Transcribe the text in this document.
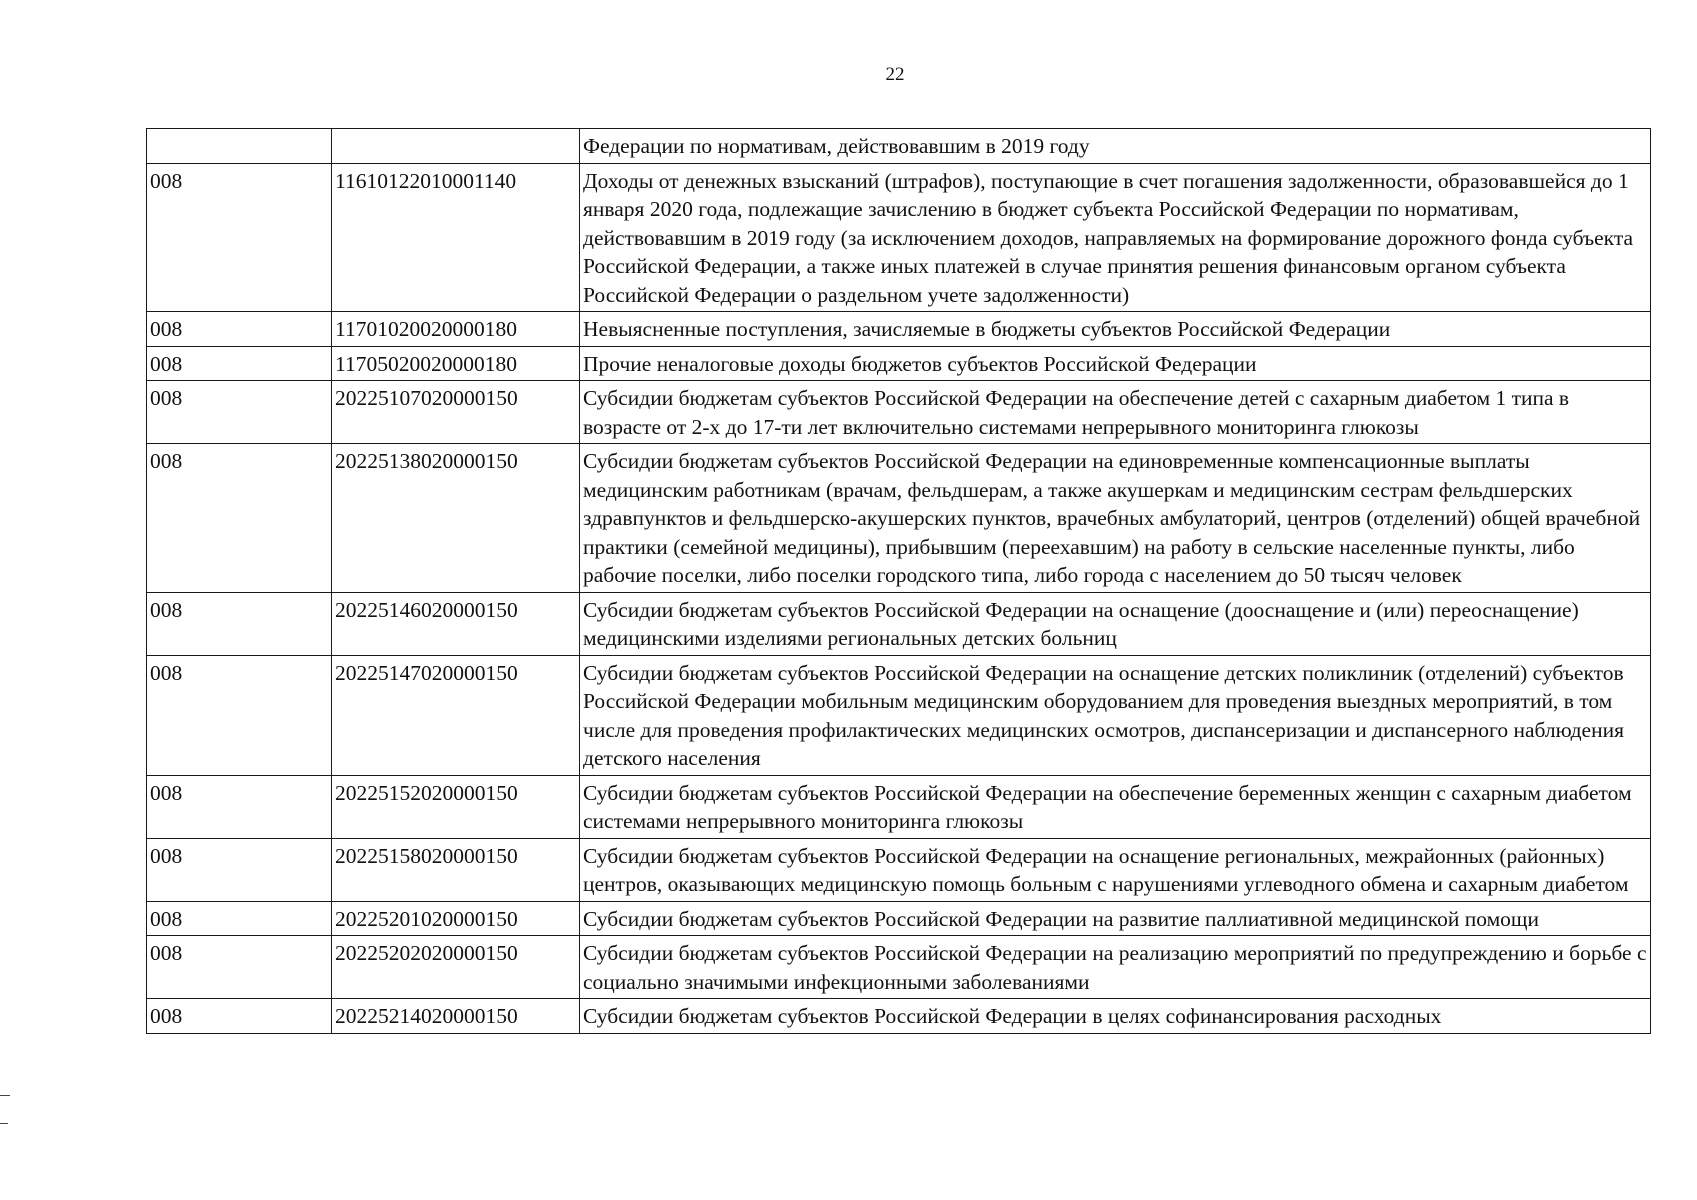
22
		Федерации по нормативам, действовавшим в 2019 году
008	11610122010001140	Доходы от денежных взысканий (штрафов), поступающие в счет погашения задолженности, образовавшейся до 1 января 2020 года, подлежащие зачислению в бюджет субъекта Российской Федерации по нормативам, действовавшим в 2019 году (за исключением доходов, направляемых на формирование дорожного фонда субъекта Российской Федерации, а также иных платежей в случае принятия решения финансовым органом субъекта Российской Федерации о раздельном учете задолженности)
008	11701020020000180	Невыясненные поступления, зачисляемые в бюджеты субъектов Российской Федерации
008	11705020020000180	Прочие неналоговые доходы бюджетов субъектов Российской Федерации
008	20225107020000150	Субсидии бюджетам субъектов Российской Федерации на обеспечение детей с сахарным диабетом 1 типа в возрасте от 2-х до 17-ти лет включительно системами непрерывного мониторинга глюкозы
008	20225138020000150	Субсидии бюджетам субъектов Российской Федерации на единовременные компенсационные выплаты медицинским работникам (врачам, фельдшерам, а также акушеркам и медицинским сестрам фельдшерских здравпунктов и фельдшерско-акушерских пунктов, врачебных амбулаторий, центров (отделений) общей врачебной практики (семейной медицины), прибывшим (переехавшим) на работу в сельские населенные пункты, либо рабочие поселки, либо поселки городского типа, либо города с населением до 50 тысяч человек
008	20225146020000150	Субсидии бюджетам субъектов Российской Федерации на оснащение (дооснащение и (или) переоснащение) медицинскими изделиями региональных детских больниц
008	20225147020000150	Субсидии бюджетам субъектов Российской Федерации на оснащение детских поликлиник (отделений) субъектов Российской Федерации мобильным медицинским оборудованием для проведения выездных мероприятий, в том числе для проведения профилактических медицинских осмотров, диспансеризации и диспансерного наблюдения детского населения
008	20225152020000150	Субсидии бюджетам субъектов Российской Федерации на обеспечение беременных женщин с сахарным диабетом системами непрерывного мониторинга глюкозы
008	20225158020000150	Субсидии бюджетам субъектов Российской Федерации на оснащение региональных, межрайонных (районных) центров, оказывающих медицинскую помощь больным с нарушениями углеводного обмена и сахарным диабетом
008	20225201020000150	Субсидии бюджетам субъектов Российской Федерации на развитие паллиативной медицинской помощи
008	20225202020000150	Субсидии бюджетам субъектов Российской Федерации на реализацию мероприятий по предупреждению и борьбе с социально значимыми инфекционными заболеваниями
008	20225214020000150	Субсидии бюджетам субъектов Российской Федерации в целях софинансирования расходных
